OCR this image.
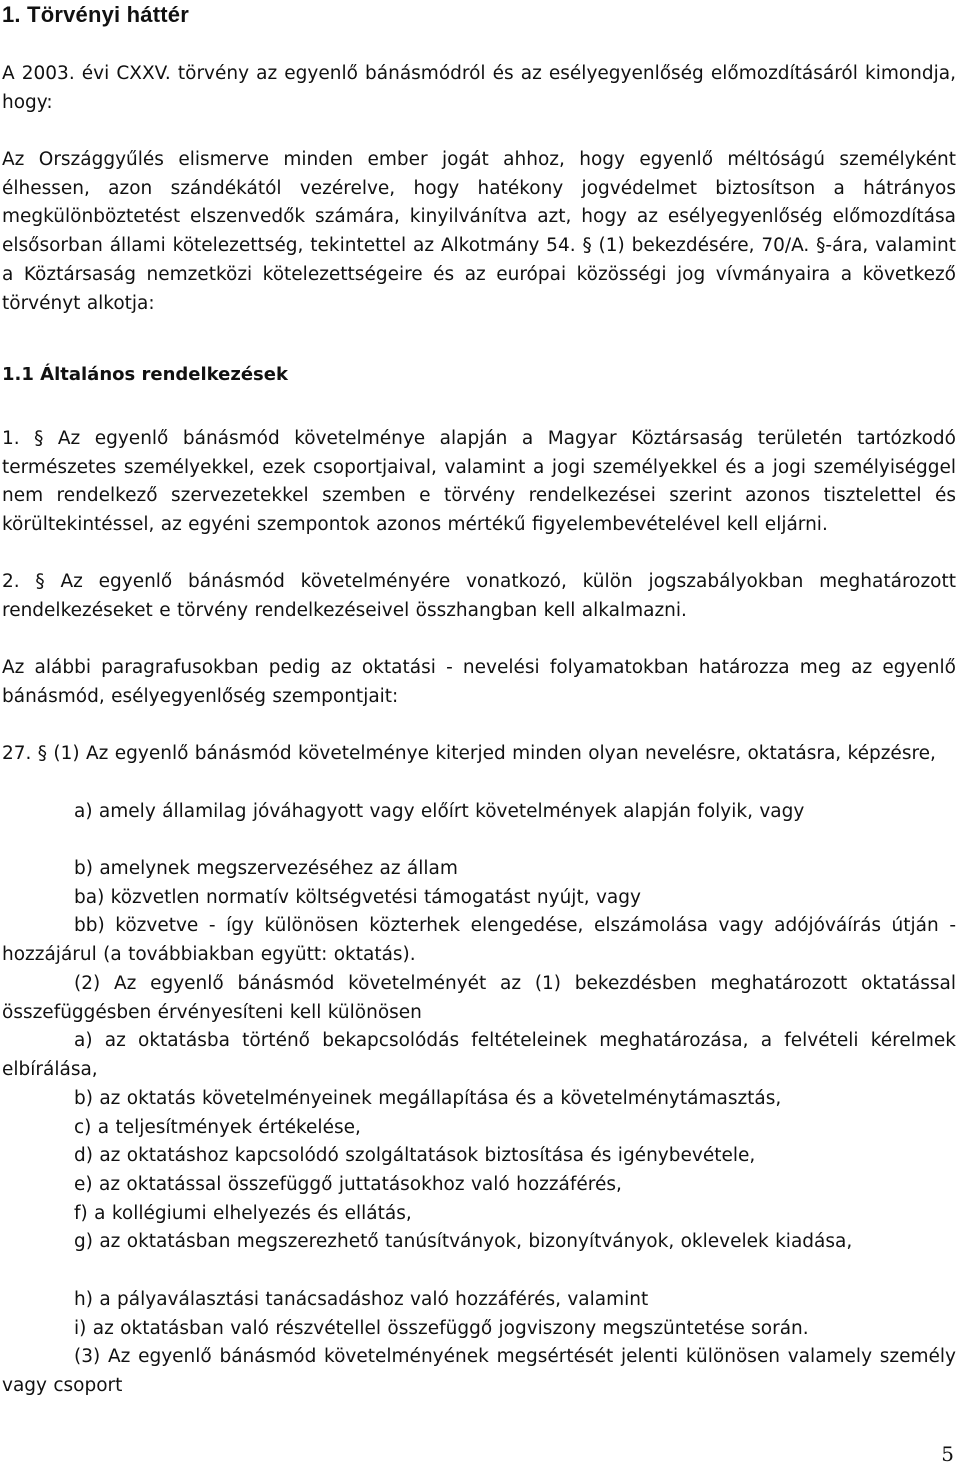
1. Törvényi háttér

A 2003. évi CXXV. törvény az egyenlő bánásmódról és az esélyegyenlőség előmozdításáról kimondja, hogy:

Az Országgyűlés elismerve minden ember jogát ahhoz, hogy egyenlő méltóságú személyként élhessen, azon szándékától vezérelve, hogy hatékony jogvédelmet biztosítson a hátrányos megkülönböztetést elszenvedők számára, kinyilvánítva azt, hogy az esélyegyenlőség előmozdítása elsősorban állami kötelezettség, tekintettel az Alkotmány 54. § (1) bekezdésére, 70/A. §-ára, valamint a Köztársaság nemzetközi kötelezettségeire és az európai közösségi jog vívmányaira a következő törvényt alkotja:

1.1 Általános rendelkezések

1. § Az egyenlő bánásmód követelménye alapján a Magyar Köztársaság területén tartózkodó természetes személyekkel, ezek csoportjaival, valamint a jogi személyekkel és a jogi személyiséggel nem rendelkező szervezetekkel szemben e törvény rendelkezései szerint azonos tisztelettel és körültekintéssel, az egyéni szempontok azonos mértékű figyelembevételével kell eljárni.

2. § Az egyenlő bánásmód követelményére vonatkozó, külön jogszabályokban meghatározott rendelkezéseket e törvény rendelkezéseivel összhangban kell alkalmazni.

Az alábbi paragrafusokban pedig az oktatási - nevelési folyamatokban határozza meg az egyenlő bánásmód, esélyegyenlőség szempontjait:

27. § (1) Az egyenlő bánásmód követelménye kiterjed minden olyan nevelésre, oktatásra, képzésre,

a) amely államilag jóváhagyott vagy előírt követelmények alapján folyik, vagy

b) amelynek megszervezéséhez az állam

ba) közvetlen normatív költségvetési támogatást nyújt, vagy

bb) közvetve - így különösen közterhek elengedése, elszámolása vagy adójóváírás útján - hozzájárul (a továbbiakban együtt: oktatás).

(2) Az egyenlő bánásmód követelményét az (1) bekezdésben meghatározott oktatással összefüggésben érvényesíteni kell különösen

a) az oktatásba történő bekapcsolódás feltételeinek meghatározása, a felvételi kérelmek elbírálása,

b) az oktatás követelményeinek megállapítása és a követelménytámasztás,

c) a teljesítmények értékelése,

d) az oktatáshoz kapcsolódó szolgáltatások biztosítása és igénybevétele,

e) az oktatással összefüggő juttatásokhoz való hozzáférés,

f) a kollégiumi elhelyezés és ellátás,

g) az oktatásban megszerezhető tanúsítványok, bizonyítványok, oklevelek kiadása,

h) a pályaválasztási tanácsadáshoz való hozzáférés, valamint

i) az oktatásban való részvétellel összefüggő jogviszony megszüntetése során.

(3) Az egyenlő bánásmód követelményének megsértését jelenti különösen valamely személy vagy csoport

5
